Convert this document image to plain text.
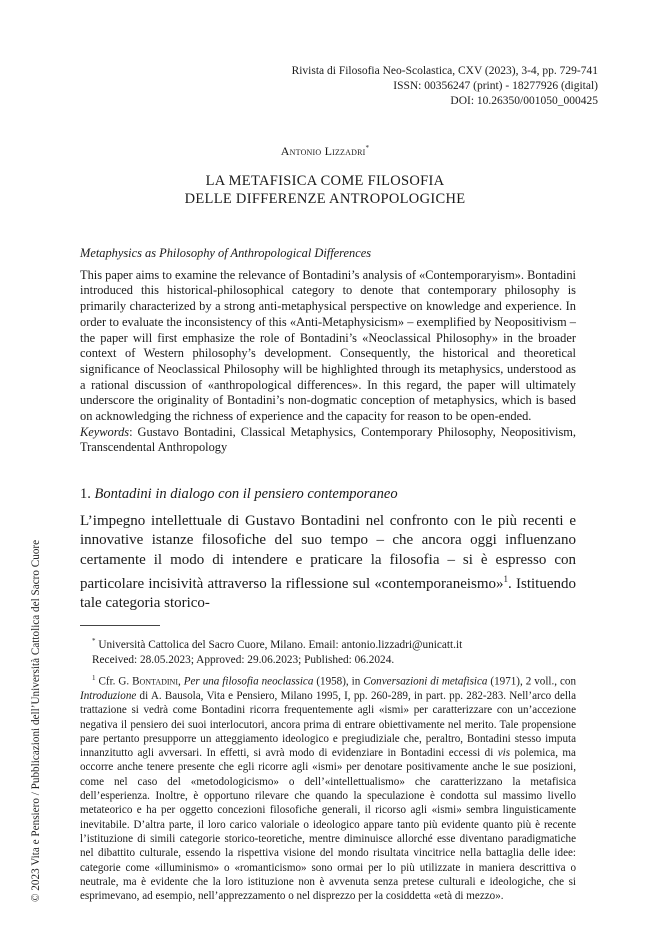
Rivista di Filosofia Neo-Scolastica, CXV (2023), 3-4, pp. 729-741
ISSN: 00356247 (print) - 18277926 (digital)
DOI: 10.26350/001050_000425
Antonio Lizzadri*
LA METAFISICA COME FILOSOFIA
DELLE DIFFERENZE ANTROPOLOGICHE
Metaphysics as Philosophy of Anthropological Differences

This paper aims to examine the relevance of Bontadini’s analysis of «Contemporaryism». Bontadini introduced this historical-philosophical category to denote that contemporary philosophy is primarily characterized by a strong anti-metaphysical perspective on knowledge and experience. In order to evaluate the inconsistency of this «Anti-Metaphysicism» – exemplified by Neopositivism – the paper will first emphasize the role of Bontadini’s «Neoclassical Philosophy» in the broader context of Western philosophy’s development. Consequently, the historical and theoretical significance of Neoclassical Philosophy will be highlighted through its metaphysics, understood as a rational discussion of «anthropological differences». In this regard, the paper will ultimately underscore the originality of Bontadini’s non-dogmatic conception of metaphysics, which is based on acknowledging the richness of experience and the capacity for reason to be open-ended.

Keywords: Gustavo Bontadini, Classical Metaphysics, Contemporary Philosophy, Neopositivism, Transcendental Anthropology

1. Bontadini in dialogo con il pensiero contemporaneo
L’impegno intellettuale di Gustavo Bontadini nel confronto con le più recenti e innovative istanze filosofiche del suo tempo – che ancora oggi influenzano certamente il modo di intendere e praticare la filosofia – si è espresso con particolare incisività attraverso la riflessione sul «contemporaneismo»$^1$. Istituendo tale categoria storico-
* Università Cattolica del Sacro Cuore, Milano. Email: antonio.lizzadri@unicatt.it
Received: 28.05.2023; Approved: 29.06.2023; Published: 06.2024.
$^1$ Cfr. G. Bontadini, Per una filosofia neoclassica (1958), in Conversazioni di metafisica (1971), 2 voll., con Introduzione di A. Bausola, Vita e Pensiero, Milano 1995, I, pp. 260-289, in part. pp. 282-283. Nell’arco della trattazione si vedrà come Bontadini ricorra frequentemente agli «ismi» per caratterizzare con un’accezione negativa il pensiero dei suoi interlocutori, ancora prima di entrare obiettivamente nel merito. Tale propensione pare pertanto presupporre un atteggiamento ideologico e pregiudiziale che, peraltro, Bontadini stesso imputa innanzitutto agli avversari. In effetti, si avrà modo di evidenziare in Bontadini eccessi di vis polemica, ma occorre anche tenere presente che egli ricorre agli «ismi» per denotare positivamente anche le sue posizioni, come nel caso del «metodologicismo» o dell’«intellettualismo» che caratterizzano la metafisica dell’esperienza. Inoltre, è opportuno rilevare che quando la speculazione è condotta sul massimo livello metateorico e ha per oggetto concezioni filosofiche generali, il ricorso agli «ismi» sembra linguisticamente inevitabile. D’altra parte, il loro carico valoriale o ideologico appare tanto più evidente quanto più è recente l’istituzione di simili categorie storico-teoretiche, mentre diminuisce allorché esse diventano paradigmatiche nel dibattito culturale, essendo la rispettiva visione del mondo risultata vincitrice nella battaglia delle idee: categorie come «illuminismo» o «romanticismo» sono ormai per lo più utilizzate in maniera descrittiva o neutrale, ma è evidente che la loro istituzione non è avvenuta senza pretese culturali e ideologiche, che si esprimevano, ad esempio, nell’apprezzamento o nel disprezzo per la cosiddetta «età di mezzo».
© 2023 Vita e Pensiero / Pubblicazioni dell’Università Cattolica del Sacro Cuore
